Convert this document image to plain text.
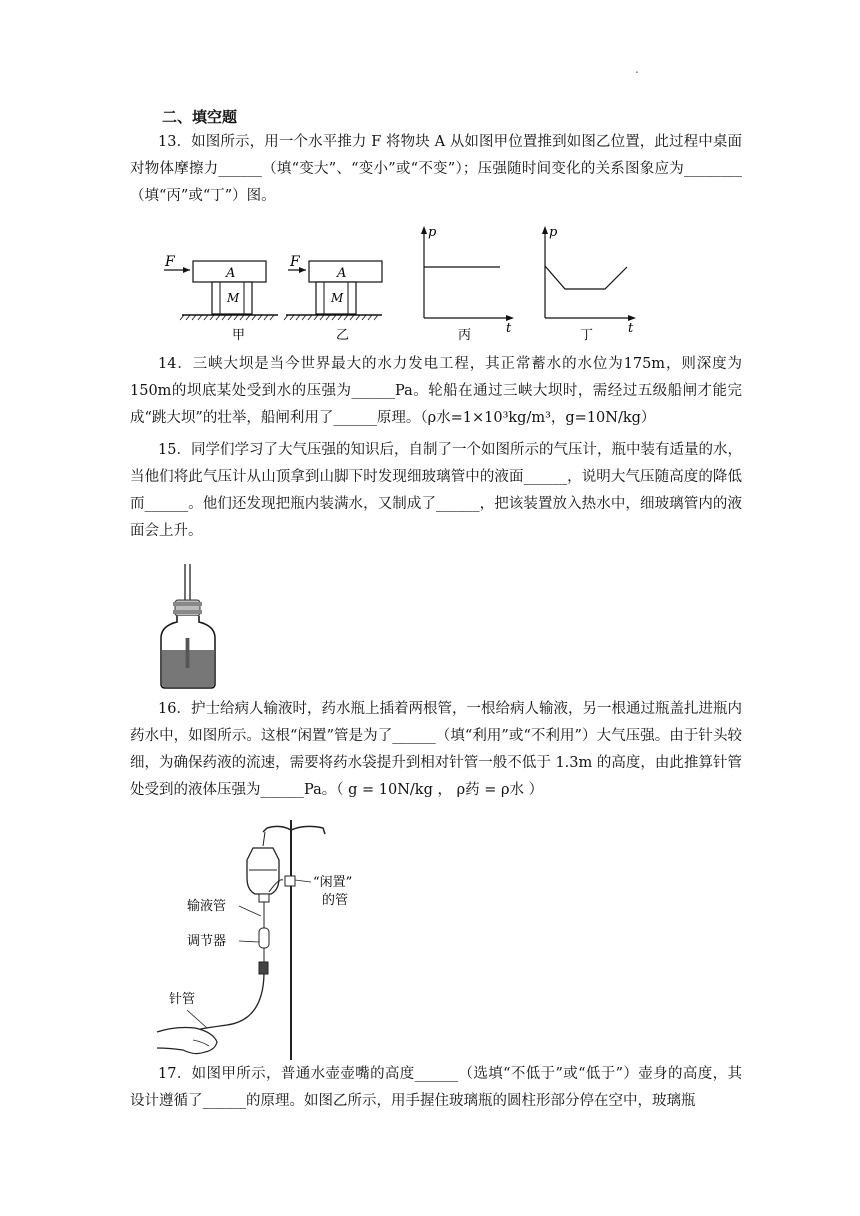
.
二、填空题
13．如图所示，用一个水平推力 F 将物块 A 从如图甲位置推到如图乙位置，此过程中桌面对物体摩擦力______（填“变大”、“变小”或“不变”）；压强随时间变化的关系图象应为________（填“丙”或“丁”）图。
F
A
M
甲
F
A
M
乙
p
t
丙
p
t
丁
14．三峡大坝是当今世界最大的水力发电工程，其正常蓄水的水位为175m，则深度为150m的坝底某处受到水的压强为______Pa。轮船在通过三峡大坝时，需经过五级船闸才能完成“跳大坝”的壮举，船闸利用了______原理。（ρ水=1×10³kg/m³，g=10N/kg）
15．同学们学习了大气压强的知识后，自制了一个如图所示的气压计，瓶中装有适量的水，当他们将此气压计从山顶拿到山脚下时发现细玻璃管中的液面______，说明大气压随高度的降低而______。他们还发现把瓶内装满水，又制成了______，把该装置放入热水中，细玻璃管内的液面会上升。
16．护士给病人输液时，药水瓶上插着两根管，一根给病人输液，另一根通过瓶盖扎进瓶内药水中，如图所示。这根“闲置”管是为了______（填“利用”或“不利用”）大气压强。由于针头较细，为确保药液的流速，需要将药水袋提升到相对针管一般不低于 1.3m 的高度，由此推算针管处受到的液体压强为______Pa。（ g = 10N/kg ， ρ药 = ρ水 ）
“闲置”
的管
输液管
调节器
针管
17．如图甲所示，普通水壶壶嘴的高度______（选填“不低于”或“低于”）壶身的高度，其设计遵循了______的原理。如图乙所示，用手握住玻璃瓶的圆柱形部分停在空中，玻璃瓶
